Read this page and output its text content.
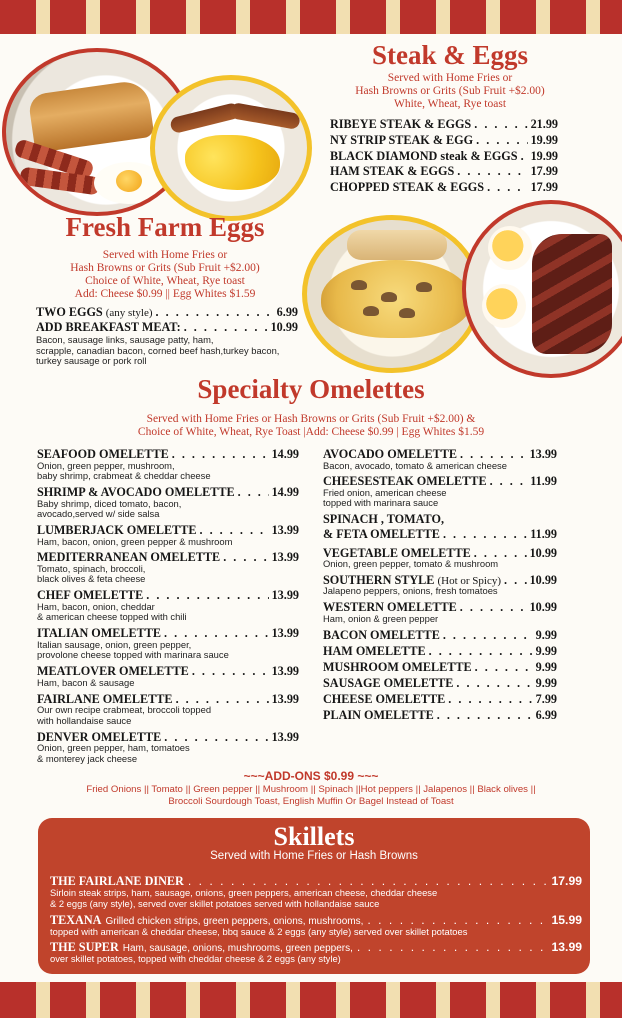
Steak & Eggs
Served with Home Fries or
Hash Browns or Grits (Sub Fruit +$2.00)
White, Wheat, Rye toast
RIBEYE STEAK & EGGS . . .	21.99
NY STRIP STEAK & EGG . . .	19.99
BLACK DIAMOND steak & EGGS . . . 19.99
HAM STEAK & EGGS . . .	17.99
CHOPPED STEAK & EGGS . . .	17.99
Fresh Farm Eggs
Served with Home Fries or
Hash Browns or Grits (Sub Fruit +$2.00)
Choice of White, Wheat, Rye toast
Add: Cheese $0.99 || Egg Whites $1.59
TWO EGGS (any style) . . .	6.99
ADD BREAKFAST MEAT: . . .	10.99
Bacon, sausage links, sausage patty, ham,
scrapple, canadian bacon, corned beef hash,turkey bacon,
turkey sausage or pork roll
Specialty Omelettes
Served with Home Fries or Hash Browns or Grits (Sub Fruit +$2.00) &
Choice of White, Wheat, Rye Toast |Add: Cheese $0.99 | Egg Whites $1.59
SEAFOOD OMELETTE . . .	14.99
Onion, green pepper, mushroom,
baby shrimp, crabmeat & cheddar cheese
SHRIMP & AVOCADO OMELETTE . . .	14.99
Baby shrimp, diced tomato, bacon,
avocado,served w/ side salsa
LUMBERJACK OMELETTE . . .	13.99
Ham, bacon, onion, green pepper & mushroom
MEDITERRANEAN OMELETTE . . .	13.99
Tomato, spinach, broccoli,
black olives & feta cheese
CHEF OMELETTE . . .	13.99
Ham, bacon, onion, cheddar
& american cheese topped with chili
ITALIAN OMELETTE . . .	13.99
Italian sausage, onion, green pepper,
provolone cheese topped with marinara sauce
MEATLOVER OMELETTE . . .	13.99
Ham, bacon & sausage
FAIRLANE OMELETTE . . .	13.99
Our own recipe crabmeat, broccoli topped
with hollandaise sauce
DENVER OMELETTE . . .	13.99
Onion, green pepper, ham, tomatoes
& monterey jack cheese
AVOCADO OMELETTE . . .	13.99
Bacon, avocado, tomato & american cheese
CHEESESTEAK OMELETTE . . .	11.99
Fried onion, american cheese
topped with marinara sauce
SPINACH , TOMATO,
& FETA OMELETTE . . .	11.99
VEGETABLE OMELETTE . . .	10.99
Onion, green pepper, tomato & mushroom
SOUTHERN STYLE (Hot or Spicy) . . . 10.99
Jalapeno peppers, onions, fresh tomatoes
WESTERN OMELETTE . . .	10.99
Ham, onion & green pepper
BACON OMELETTE . . .	9.99
HAM OMELETTE . . .	9.99
MUSHROOM OMELETTE . . .	9.99
SAUSAGE OMELETTE . . .	9.99
CHEESE OMELETTE . . .	7.99
PLAIN OMELETTE . . .	6.99
~~~ADD-ONS $0.99 ~~~
Fried Onions || Tomato || Green pepper || Mushroom || Spinach ||Hot peppers || Jalapenos || Black olives ||
Broccoli Sourdough Toast, English Muffin Or Bagel Instead of Toast
Skillets
Served with Home Fries or Hash Browns
THE FAIRLANE DINER . . .	17.99
Sirloin steak strips, ham, sausage, onions, green peppers, american cheese, cheddar cheese
& 2 eggs (any style), served over skillet potatoes served with hollandaise sauce
TEXANA Grilled chicken strips, green peppers, onions, mushrooms, . . .	15.99
topped with american & cheddar cheese, bbq sauce & 2 eggs (any style) served over skillet potatoes
THE SUPER Ham, sausage, onions, mushrooms, green peppers, . . .	13.99
over skillet potatoes, topped with cheddar cheese & 2 eggs (any style)
